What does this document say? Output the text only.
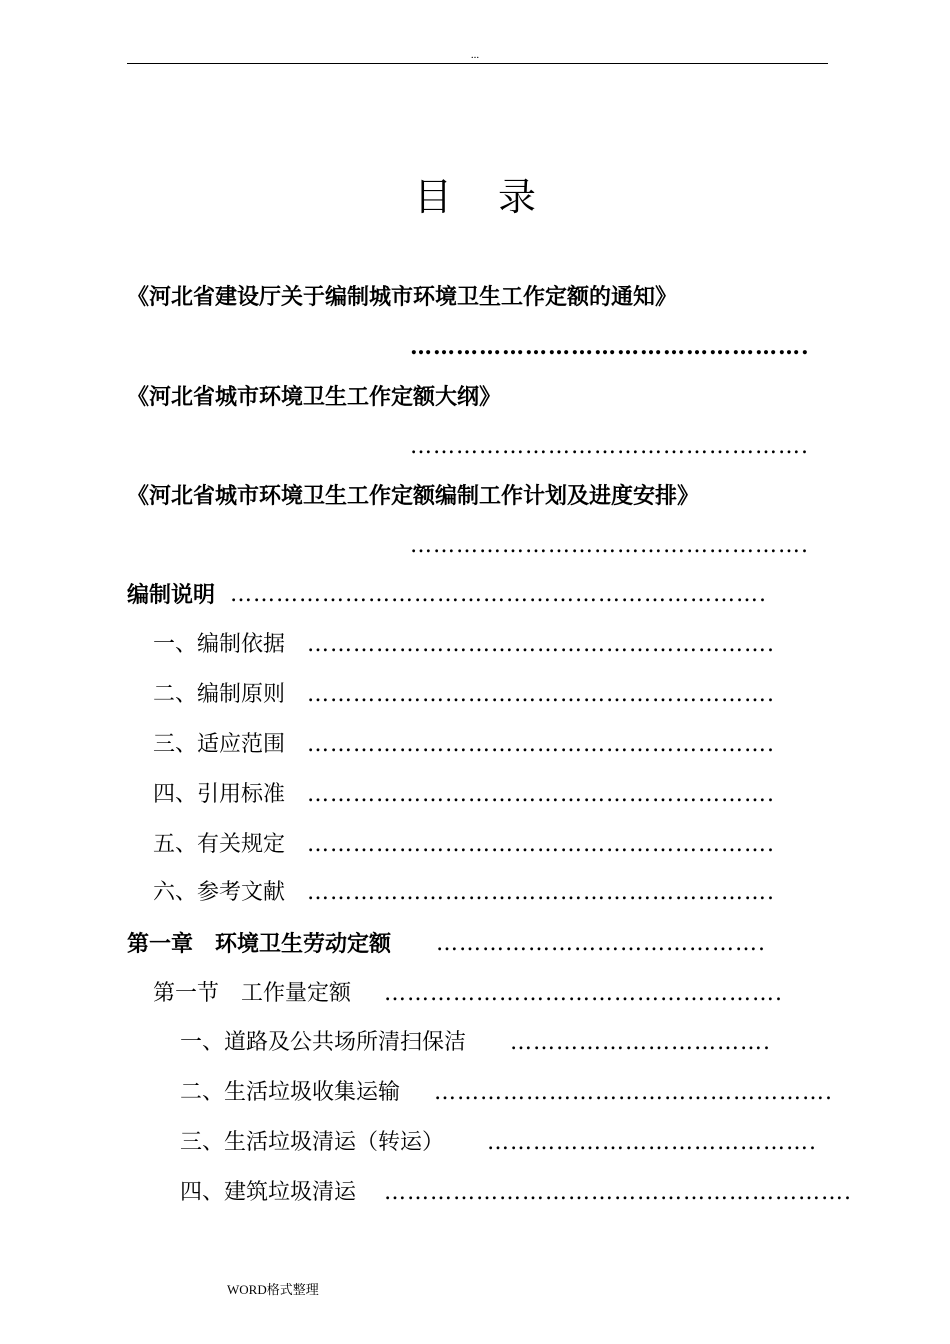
...
目录
《河北省建设厅关于编制城市环境卫生工作定额的通知》
…………………………………………….
《河北省城市环境卫生工作定额大纲》
…………………………………………….
《河北省城市环境卫生工作定额编制工作计划及进度安排》
…………………………………………….
编制说明 …………………………………………………………….
一、编制依据 …………………………………………………….
二、编制原则 …………………………………………………….
三、适应范围 …………………………………………………….
四、引用标准 …………………………………………………….
五、有关规定 …………………………………………………….
六、参考文献 …………………………………………………….
第一章　环境卫生劳动定额 …………………………………….
第一节　工作量定额 …………………………………………….
一、道路及公共场所清扫保洁 …………………………….
二、生活垃圾收集运输 …………………………………………….
三、生活垃圾清运（转运） …………………………………….
四、建筑垃圾清运 …………………………………………………….
WORD格式整理
